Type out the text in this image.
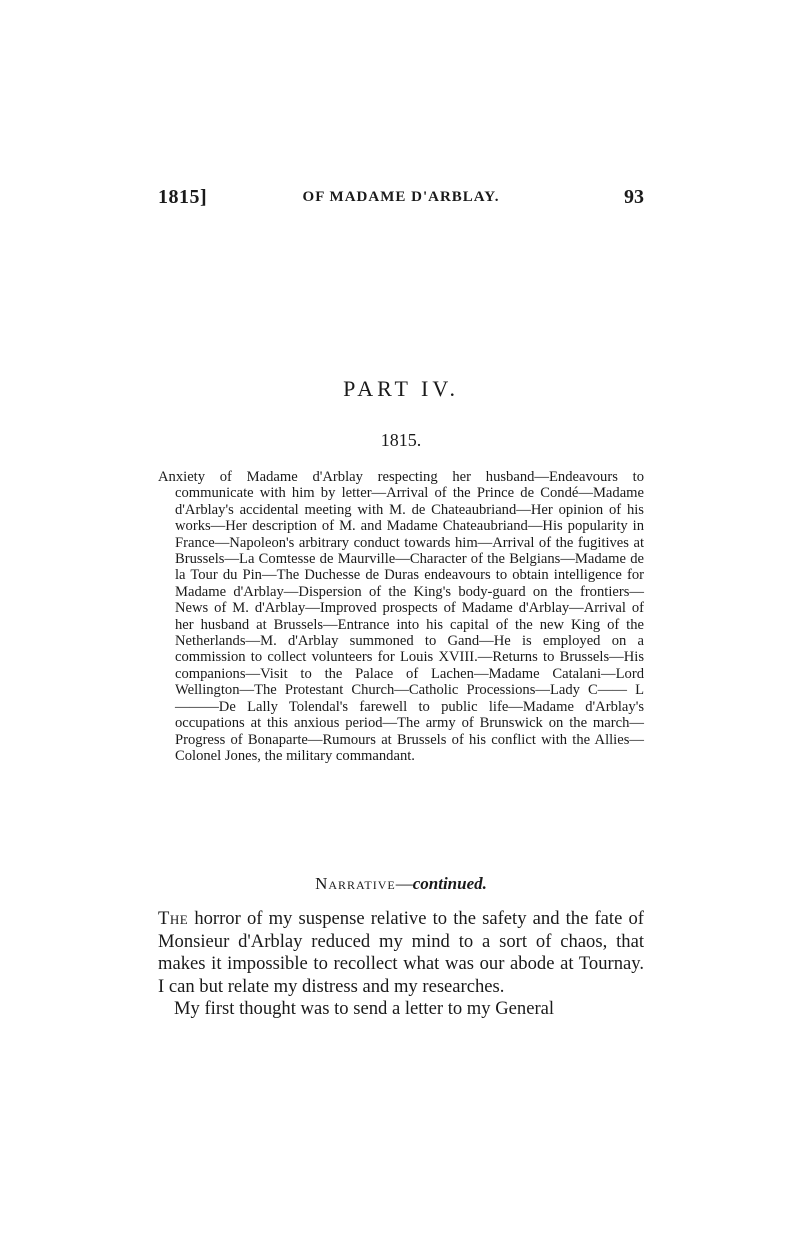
1815]	OF MADAME D'ARBLAY.	93
PART IV.
1815.
Anxiety of Madame d'Arblay respecting her husband—Endeavours to communicate with him by letter—Arrival of the Prince de Condé—Madame d'Arblay's accidental meeting with M. de Chateaubriand—Her opinion of his works—Her description of M. and Madame Chateaubriand—His popularity in France—Napoleon's arbitrary conduct towards him—Arrival of the fugitives at Brussels—La Comtesse de Maurville—Character of the Belgians—Madame de la Tour du Pin—The Duchesse de Duras endeavours to obtain intelligence for Madame d'Arblay—Dispersion of the King's body-guard on the frontiers—News of M. d'Arblay—Improved prospects of Madame d'Arblay—Arrival of her husband at Brussels—Entrance into his capital of the new King of the Netherlands—M. d'Arblay summoned to Gand—He is employed on a commission to collect volunteers for Louis XVIII.—Returns to Brussels—His companions—Visit to the Palace of Lachen—Madame Catalani—Lord Wellington—The Protestant Church—Catholic Processions—Lady C—— L———De Lally Tolendal's farewell to public life—Madame d'Arblay's occupations at this anxious period—The army of Brunswick on the march—Progress of Bonaparte—Rumours at Brussels of his conflict with the Allies—Colonel Jones, the military commandant.
Narrative—continued.

The horror of my suspense relative to the safety and the fate of Monsieur d'Arblay reduced my mind to a sort of chaos, that makes it impossible to recollect what was our abode at Tournay. I can but relate my distress and my researches.

My first thought was to send a letter to my General
